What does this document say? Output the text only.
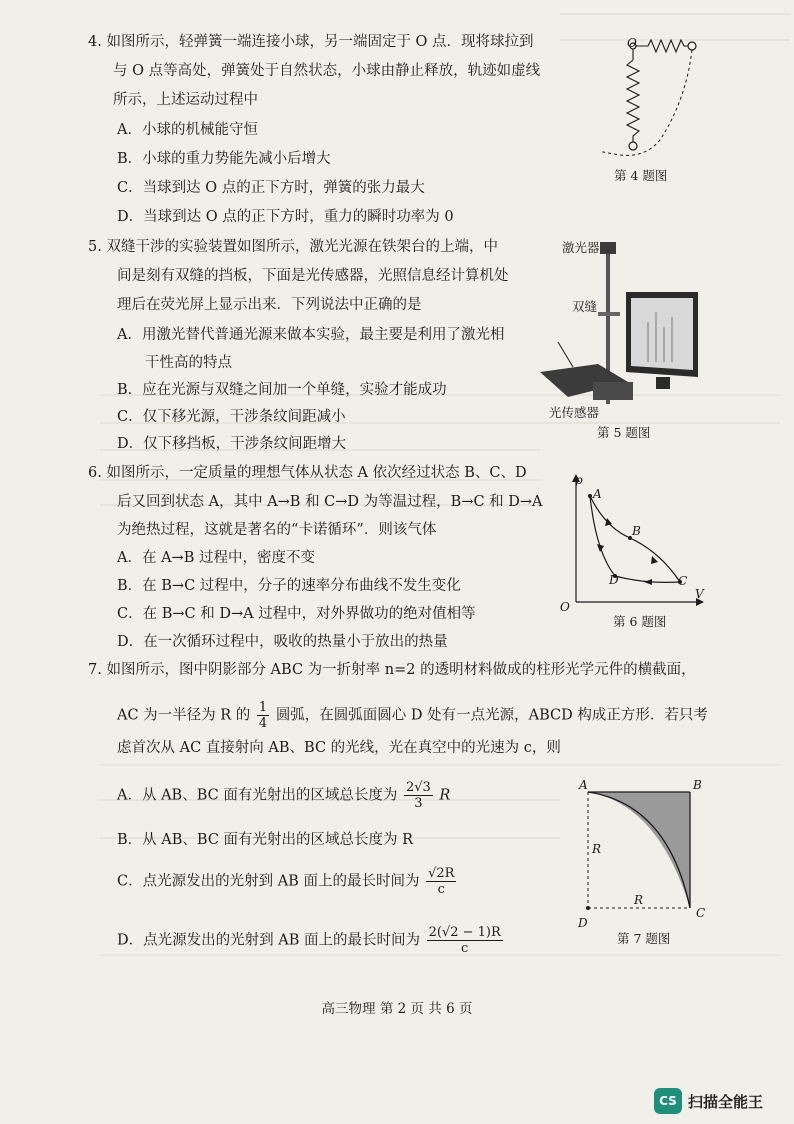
4. 如图所示，轻弹簧一端连接小球，另一端固定于 O 点．现将球拉到
与 O 点等高处，弹簧处于自然状态，小球由静止释放，轨迹如虚线
所示，上述运动过程中
A．小球的机械能守恒
B．小球的重力势能先减小后增大
C．当球到达 O 点的正下方时，弹簧的张力最大
D．当球到达 O 点的正下方时，重力的瞬时功率为 0
O
第 4 题图
5. 双缝干涉的实验装置如图所示，激光光源在铁架台的上端，中
间是刻有双缝的挡板，下面是光传感器，光照信息经计算机处
理后在荧光屏上显示出来．下列说法中正确的是
A．用激光替代普通光源来做本实验，最主要是利用了激光相
干性高的特点
B．应在光源与双缝之间加一个单缝，实验才能成功
C．仅下移光源，干涉条纹间距减小
D．仅下移挡板，干涉条纹间距增大
激光器
双缝
光传感器
第 5 题图
6. 如图所示，一定质量的理想气体从状态 A 依次经过状态 B、C、D
后又回到状态 A，其中 A→B 和 C→D 为等温过程，B→C 和 D→A
为绝热过程，这就是著名的“卡诺循环”．则该气体
A．在 A→B 过程中，密度不变
B．在 B→C 过程中，分子的速率分布曲线不发生变化
C．在 B→C 和 D→A 过程中，对外界做功的绝对值相等
D．在一次循环过程中，吸收的热量小于放出的热量
p
V
O
A
B
C
D
第 6 题图
7. 如图所示，图中阴影部分 ABC 为一折射率 n=2 的透明材料做成的柱形光学元件的横截面，
AC 为一半径为 R 的 $\frac{1}{4}$ 圆弧，在圆弧面圆心 D 处有一点光源，ABCD 构成正方形．若只考
虑首次从 AC 直接射向 AB、BC 的光线，光在真空中的光速为 c，则
A．从 AB、BC 面有光射出的区域总长度为 $\frac{2√3}{3}$ R
B．从 AB、BC 面有光射出的区域总长度为 R
C．点光源发出的光射到 AB 面上的最长时间为 $\frac{√2R}{c}$
D．点光源发出的光射到 AB 面上的最长时间为 $\frac{2(√2 - 1)R}{c}$
A	B
C
D
R
R
第 7 题图
高三物理 第 2 页 共 6 页
CS 扫描全能王
